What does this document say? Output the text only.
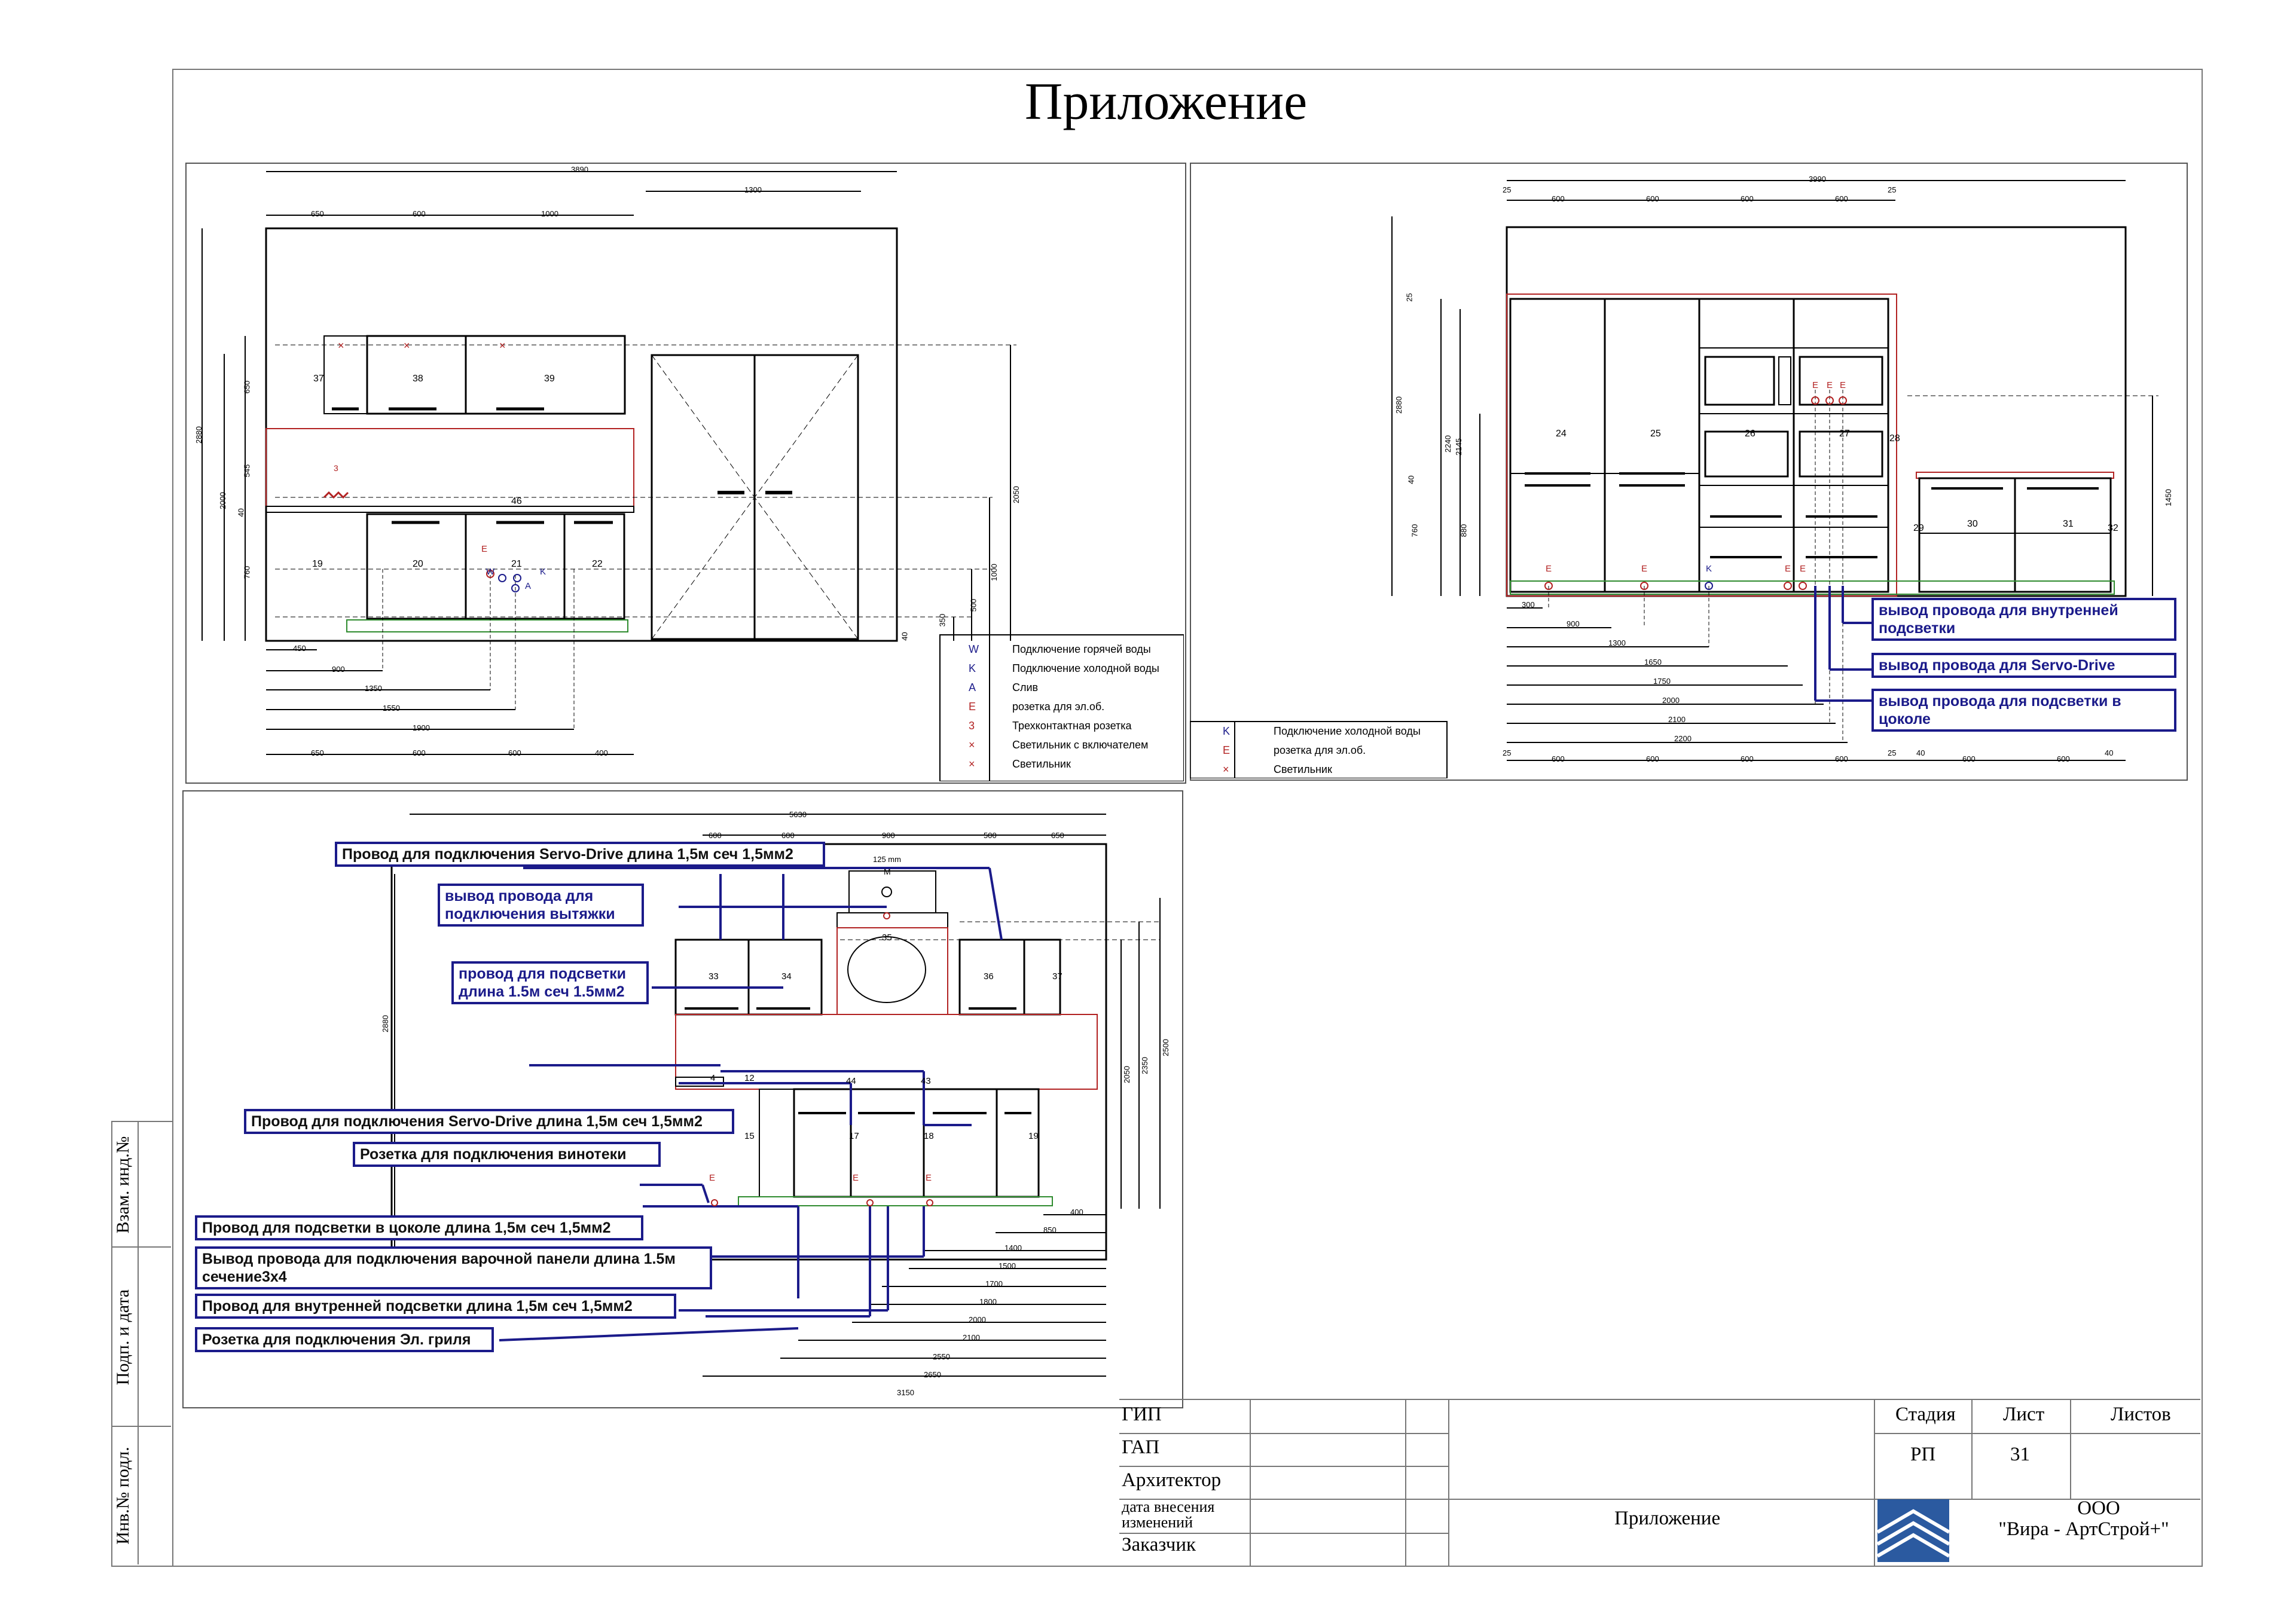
Приложение
×	×	×
3890
1300
650	600	1000
2880
2000
650
545
40
760
2050
1000
500
350
40
450
900
1350
1550
1900
650	600	600	400
37	38	39
46
19	20	21	22
3
E
W	K
A
W	Подключение горячей воды
K	Подключение холодной воды
A	Слив
E	розетка для эл.об.
3	Трехконтактная розетка
×	Светильник с включателем
×	Светильник
3990
25
600	600	600	600
25
25
2880
2240 2145
40
760	880
1450
300
900
1300
1650
1750
2000
2100
2200
25
600	600	600	600
25	40
600	600
40
24	25	26	27	28
29	30	31	32
E	E	K	E E
E E E
вывод провода для внутренней подсветки
вывод провода для Servo-Drive
вывод провода для подсветки в цоколе
K	Подключение холодной воды
E	розетка для эл.об.
×	Светильник
5630
600	600	900	500	650
125 mm
2880
2050
2350
2500
400
850
1400
1500
1700
1800
2000
2100
2550
2650
3150
33	34
35
36	37
4	12	44	43
15	17	18	19
M
E	E	E
Провод для подключения Servo-Drive длина 1,5м сеч 1,5мм2
вывод провода для подключения вытяжки
провод для подсветки длина 1.5м сеч 1.5мм2
Провод для подключения Servo-Drive длина 1,5м сеч 1,5мм2
Розетка для подключения винотеки
Провод для подсветки в цоколе длина 1,5м сеч 1,5мм2
Вывод провода для подключения варочной панели длина 1.5м сечение3х4
Провод для внутренней подсветки длина 1,5м сеч 1,5мм2
Розетка для подключения Эл. гриля
Взам. инд.№
Подп. и дата
Инв.№ подл.
ГИП
ГАП
Архитектор
дата внесения изменений
Заказчик
Приложение
Стадия Лист	Листов
РП	31
ООО
"Вира - АртСтрой+"
